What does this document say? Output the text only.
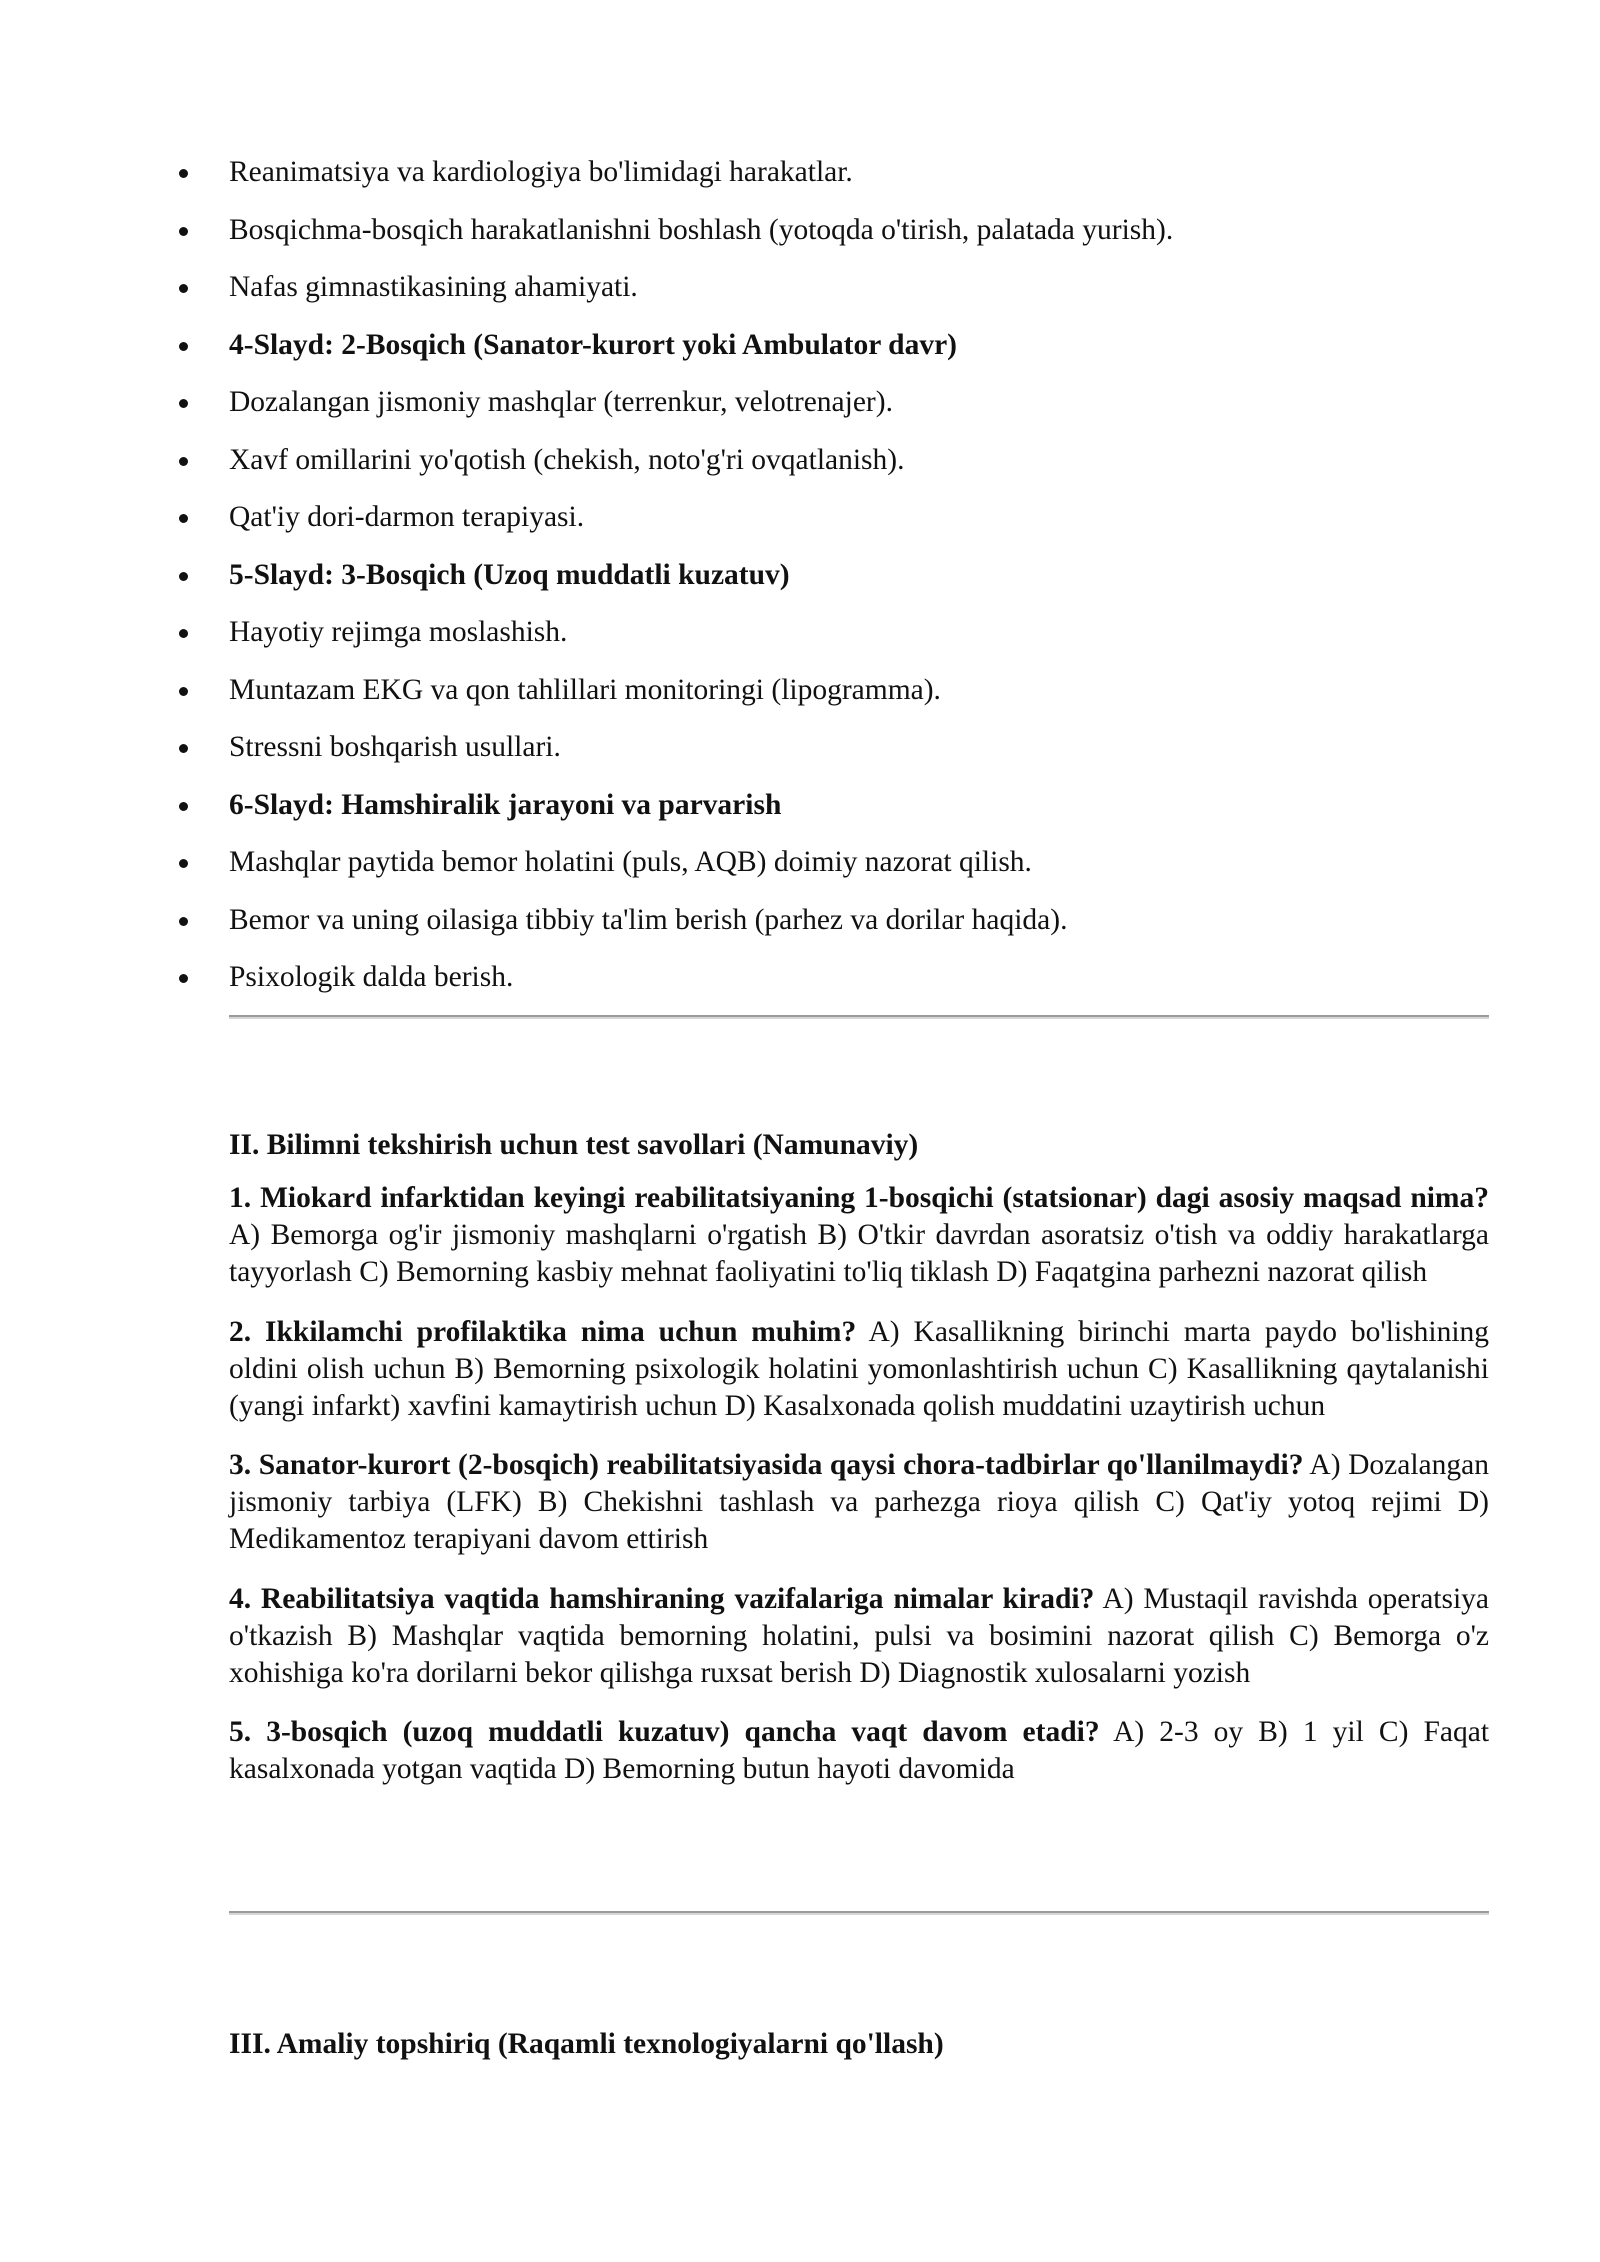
Reanimatsiya va kardiologiya bo'limidagi harakatlar.
Bosqichma-bosqich harakatlanishni boshlash (yotoqda o'tirish, palatada yurish).
Nafas gimnastikasining ahamiyati.
4-Slayd: 2-Bosqich (Sanator-kurort yoki Ambulator davr)
Dozalangan jismoniy mashqlar (terrenkur, velotrenajer).
Xavf omillarini yo'qotish (chekish, noto'g'ri ovqatlanish).
Qat'iy dori-darmon terapiyasi.
5-Slayd: 3-Bosqich (Uzoq muddatli kuzatuv)
Hayotiy rejimga moslashish.
Muntazam EKG va qon tahlillari monitoringi (lipogramma).
Stressni boshqarish usullari.
6-Slayd: Hamshiralik jarayoni va parvarish
Mashqlar paytida bemor holatini (puls, AQB) doimiy nazorat qilish.
Bemor va uning oilasiga tibbiy ta'lim berish (parhez va dorilar haqida).
Psixologik dalda berish.
II. Bilimni tekshirish uchun test savollari (Namunaviy)

1. Miokard infarktidan keyingi reabilitatsiyaning 1-bosqichi (statsionar) dagi asosiy maqsad nima? A) Bemorga og'ir jismoniy mashqlarni o'rgatish B) O'tkir davrdan asoratsiz o'tish va oddiy harakatlarga tayyorlash C) Bemorning kasbiy mehnat faoliyatini to'liq tiklash D) Faqatgina parhezni nazorat qilish

2. Ikkilamchi profilaktika nima uchun muhim? A) Kasallikning birinchi marta paydo bo'lishining oldini olish uchun B) Bemorning psixologik holatini yomonlashtirish uchun C) Kasallikning qaytalanishi (yangi infarkt) xavfini kamaytirish uchun D) Kasalxonada qolish muddatini uzaytirish uchun

3. Sanator-kurort (2-bosqich) reabilitatsiyasida qaysi chora-tadbirlar qo'llanilmaydi? A) Dozalangan jismoniy tarbiya (LFK) B) Chekishni tashlash va parhezga rioya qilish C) Qat'iy yotoq rejimi D) Medikamentoz terapiyani davom ettirish

4. Reabilitatsiya vaqtida hamshiraning vazifalariga nimalar kiradi? A) Mustaqil ravishda operatsiya o'tkazish B) Mashqlar vaqtida bemorning holatini, pulsi va bosimini nazorat qilish C) Bemorga o'z xohishiga ko'ra dorilarni bekor qilishga ruxsat berish D) Diagnostik xulosalarni yozish

5. 3-bosqich (uzoq muddatli kuzatuv) qancha vaqt davom etadi? A) 2-3 oy B) 1 yil C) Faqat kasalxonada yotgan vaqtida D) Bemorning butun hayoti davomida

III. Amaliy topshiriq (Raqamli texnologiyalarni qo'llash)
